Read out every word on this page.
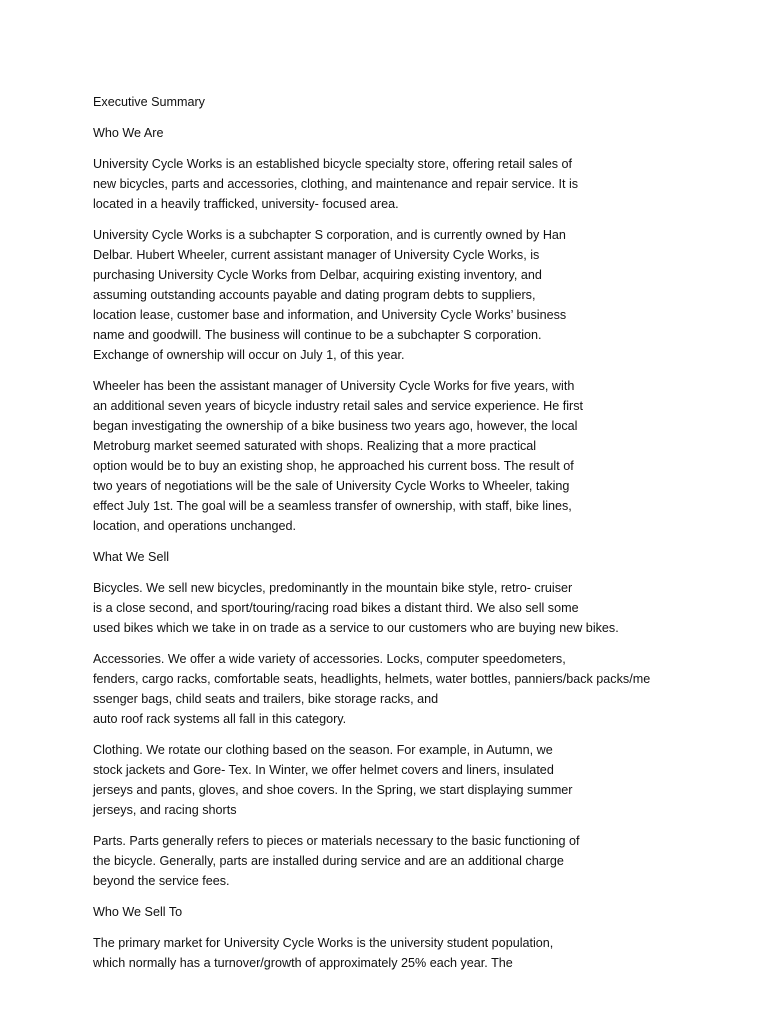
Executive Summary
Who We Are
University Cycle Works is an established bicycle specialty store, offering retail sales of
new bicycles, parts and accessories, clothing, and maintenance and repair service. It is
located in a heavily trafficked, university‐ focused area.
University Cycle Works is a subchapter S corporation, and is currently owned by Han
Delbar. Hubert Wheeler, current assistant manager of University Cycle Works, is
purchasing University Cycle Works from Delbar, acquiring existing inventory, and
assuming outstanding accounts payable and dating program debts to suppliers,
location lease, customer base and information, and University Cycle Works’ business
name and goodwill. The business will continue to be a subchapter S corporation.
Exchange of ownership will occur on July 1, of this year.
Wheeler has been the assistant manager of University Cycle Works for five years, with
an additional seven years of bicycle industry retail sales and service experience. He first
began investigating the ownership of a bike business two years ago, however, the local
Metroburg market seemed saturated with shops. Realizing that a more practical
option would be to buy an existing shop, he approached his current boss. The result of
two years of negotiations will be the sale of University Cycle Works to Wheeler, taking
effect July 1st. The goal will be a seamless transfer of ownership, with staff, bike lines,
location, and operations unchanged.
What We Sell
Bicycles. We sell new bicycles, predominantly in the mountain bike style, retro‐ cruiser
is a close second, and sport/touring/racing road bikes a distant third. We also sell some
used bikes which we take in on trade as a service to our customers who are buying new bikes.
Accessories. We offer a wide variety of accessories. Locks, computer speedometers,
fenders, cargo racks, comfortable seats, headlights, helmets, water bottles, panniers/back packs/me
ssenger bags, child seats and trailers, bike storage racks, and
auto roof rack systems all fall in this category.
Clothing. We rotate our clothing based on the season. For example, in Autumn, we
stock jackets and Gore‐ Tex. In Winter, we offer helmet covers and liners, insulated
jerseys and pants, gloves, and shoe covers. In the Spring, we start displaying summer
jerseys, and racing shorts
Parts. Parts generally refers to pieces or materials necessary to the basic functioning of
the bicycle. Generally, parts are installed during service and are an additional charge
beyond the service fees.
Who We Sell To
The primary market for University Cycle Works is the university student population,
which normally has a turnover/growth of approximately 25% each year. The
